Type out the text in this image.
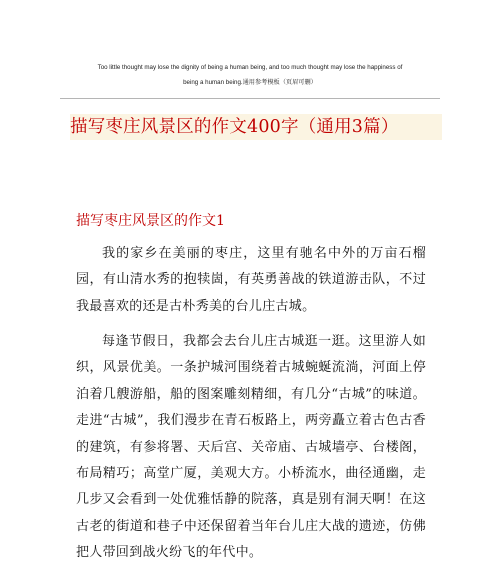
Too little thought may lose the dignity of being a human being, and too much thought may lose the happiness of
being a human being.通用参考模板（页眉可删）
描写枣庄风景区的作文400字（通用3篇）
描写枣庄风景区的作文1

我的家乡在美丽的枣庄，这里有驰名中外的万亩石榴园，有山清水秀的抱犊崮，有英勇善战的铁道游击队，不过我最喜欢的还是古朴秀美的台儿庄古城。

每逢节假日，我都会去台儿庄古城逛一逛。这里游人如织，风景优美。一条护城河围绕着古城蜿蜒流淌，河面上停泊着几艘游船，船的图案雕刻精细，有几分“古城”的味道。走进“古城”，我们漫步在青石板路上，两旁矗立着古色古香的建筑，有参将署、天后宫、关帝庙、古城墙亭、台楼阁，布局精巧；高堂广厦，美观大方。小桥流水，曲径通幽，走几步又会看到一处优雅恬静的院落，真是别有洞天啊！在这古老的街道和巷子中还保留着当年台儿庄大战的遗迹，仿佛把人带回到战火纷飞的年代中。
